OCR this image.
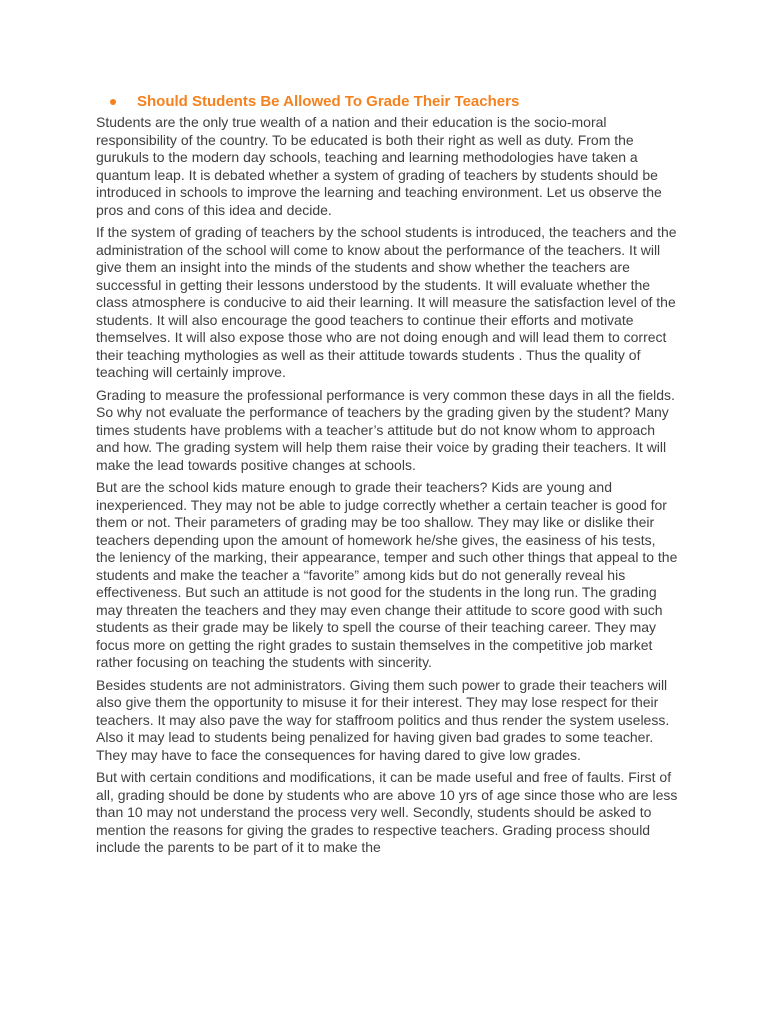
Should Students Be Allowed To Grade Their Teachers

Students are the only true wealth of a nation and their education is the socio-moral responsibility of the country. To be educated is both their right as well as duty. From the gurukuls to the modern day schools, teaching and learning methodologies have taken a quantum leap. It is debated whether a system of grading of teachers by students should be introduced in schools to improve the learning and teaching environment. Let us observe the pros and cons of this idea and decide.

If the system of grading of teachers by the school students is introduced, the teachers and the administration of the school will come to know about the performance of the teachers. It will give them an insight into the minds of the students and show whether the teachers are successful in getting their lessons understood by the students. It will evaluate whether the class atmosphere is conducive to aid their learning. It will measure the satisfaction level of the students. It will also encourage the good teachers to continue their efforts and motivate themselves. It will also expose those who are not doing enough and will lead them to correct their teaching mythologies as well as their attitude towards students . Thus the quality of teaching will certainly improve.

Grading to measure the professional performance is very common these days in all the fields. So why not evaluate the performance of teachers by the grading given by the student? Many times students have problems with a teacher’s attitude but do not know whom to approach and how. The grading system will help them raise their voice by grading their teachers. It will make the lead towards positive changes at schools.

But are the school kids mature enough to grade their teachers? Kids are young and inexperienced. They may not be able to judge correctly whether a certain teacher is good for them or not. Their parameters of grading may be too shallow. They may like or dislike their teachers depending upon the amount of homework he/she gives, the easiness of his tests, the leniency of the marking, their appearance, temper and such other things that appeal to the students and make the teacher a “favorite” among kids but do not generally reveal his effectiveness. But such an attitude is not good for the students in the long run. The grading may threaten the teachers and they may even change their attitude to score good with such students as their grade may be likely to spell the course of their teaching career. They may focus more on getting the right grades to sustain themselves in the competitive job market rather focusing on teaching the students with sincerity.

Besides students are not administrators. Giving them such power to grade their teachers will also give them the opportunity to misuse it for their interest. They may lose respect for their teachers. It may also pave the way for staffroom politics and thus render the system useless. Also it may lead to students being penalized for having given bad grades to some teacher. They may have to face the consequences for having dared to give low grades.

But with certain conditions and modifications, it can be made useful and free of faults. First of all, grading should be done by students who are above 10 yrs of age since those who are less than 10 may not understand the process very well. Secondly, students should be asked to mention the reasons for giving the grades to respective teachers. Grading process should include the parents to be part of it to make the
